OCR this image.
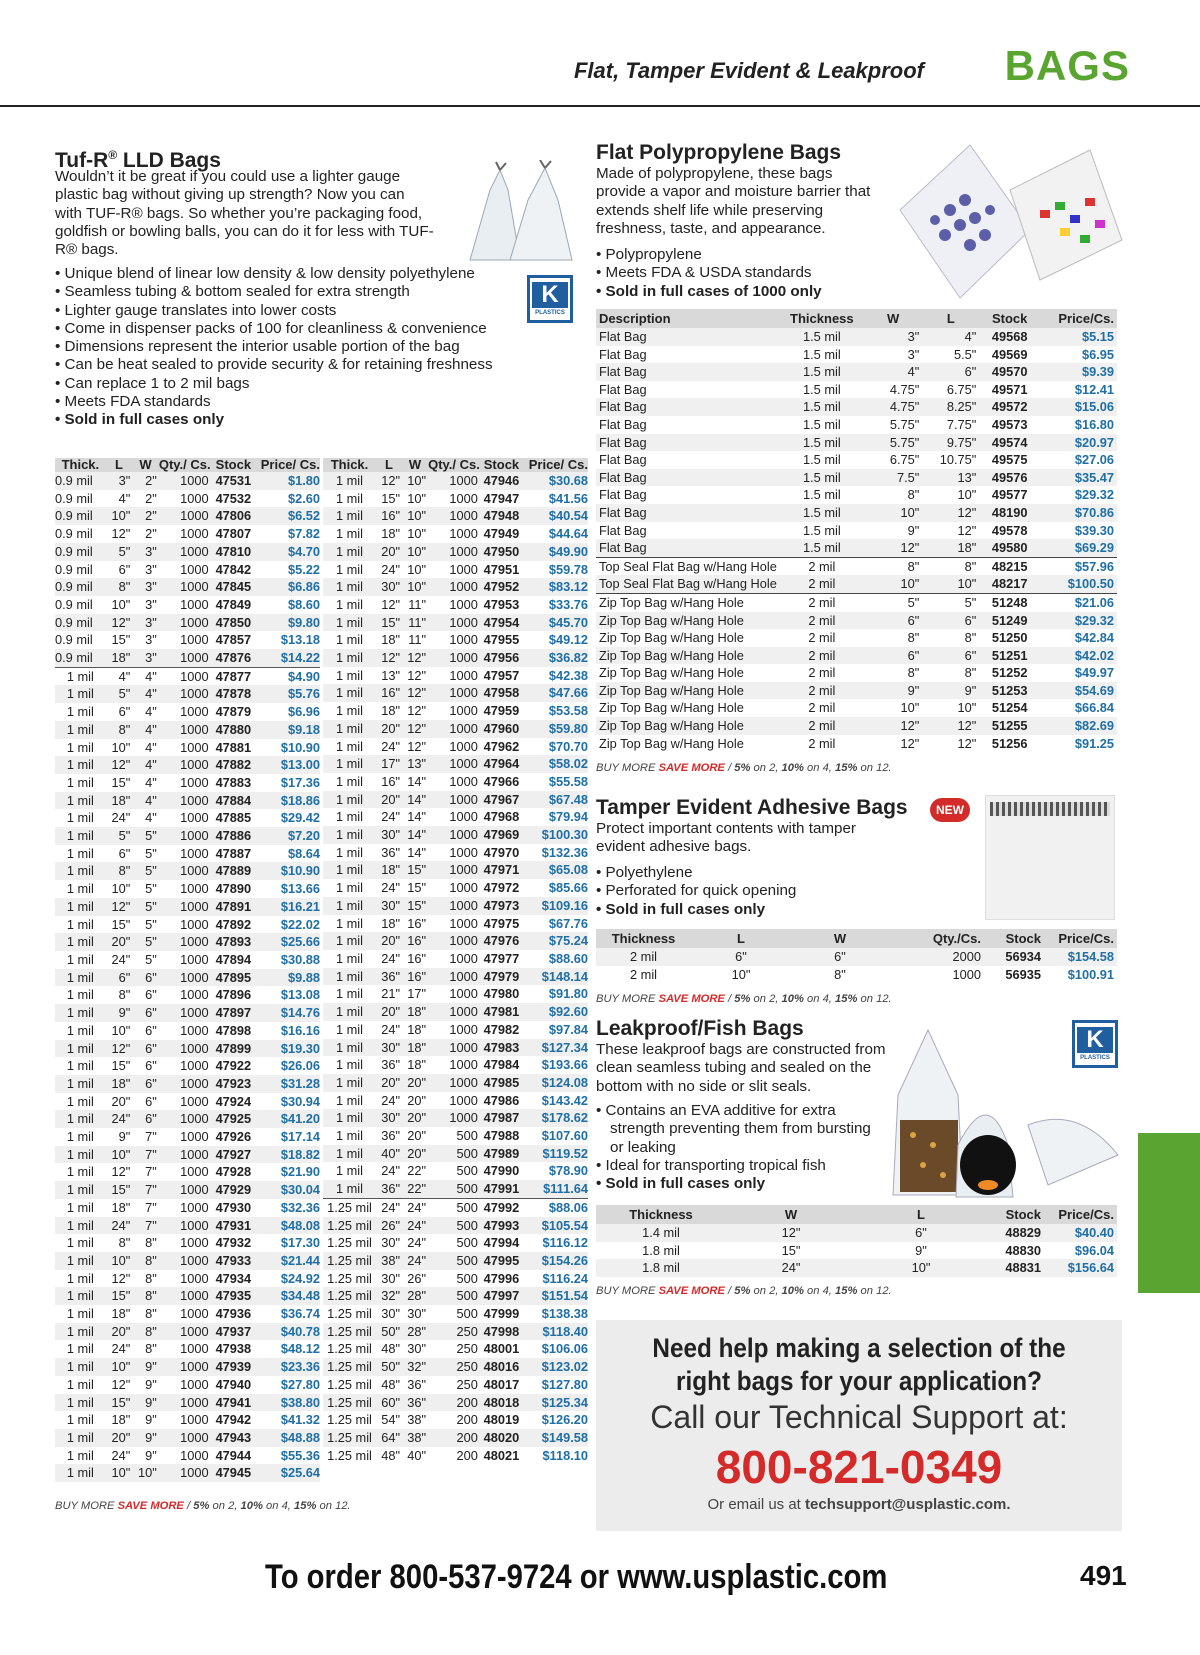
Flat, Tamper Evident & Leakproof BAGS
Tuf-R® LLD Bags
Wouldn’t it be great if you could use a lighter gauge plastic bag without giving up strength? Now you can with TUF-R® bags. So whether you’re packaging food, goldfish or bowling balls, you can do it for less with TUF-R® bags.
• Unique blend of linear low density & low density polyethylene
• Seamless tubing & bottom sealed for extra strength
• Lighter gauge translates into lower costs
• Come in dispenser packs of 100 for cleanliness & convenience
• Dimensions represent the interior usable portion of the bag
• Can be heat sealed to provide security & for retaining freshness
• Can replace 1 to 2 mil bags
• Meets FDA standards
• Sold in full cases only
K
PLASTICS
Thick.	L	W	Qty./ Cs.	Stock	Price/ Cs.
0.9 mil	3"	2"	1000	47531	$1.80
0.9 mil	4"	2"	1000	47532	$2.60
0.9 mil	10"	2"	1000	47806	$6.52
0.9 mil	12"	2"	1000	47807	$7.82
0.9 mil	5"	3"	1000	47810	$4.70
0.9 mil	6"	3"	1000	47842	$5.22
0.9 mil	8"	3"	1000	47845	$6.86
0.9 mil	10"	3"	1000	47849	$8.60
0.9 mil	12"	3"	1000	47850	$9.80
0.9 mil	15"	3"	1000	47857	$13.18
0.9 mil	18"	3"	1000	47876	$14.22
1 mil	4"	4"	1000	47877	$4.90
1 mil	5"	4"	1000	47878	$5.76
1 mil	6"	4"	1000	47879	$6.96
1 mil	8"	4"	1000	47880	$9.18
1 mil	10"	4"	1000	47881	$10.90
1 mil	12"	4"	1000	47882	$13.00
1 mil	15"	4"	1000	47883	$17.36
1 mil	18"	4"	1000	47884	$18.86
1 mil	24"	4"	1000	47885	$29.42
1 mil	5"	5"	1000	47886	$7.20
1 mil	6"	5"	1000	47887	$8.64
1 mil	8"	5"	1000	47889	$10.90
1 mil	10"	5"	1000	47890	$13.66
1 mil	12"	5"	1000	47891	$16.21
1 mil	15"	5"	1000	47892	$22.02
1 mil	20"	5"	1000	47893	$25.66
1 mil	24"	5"	1000	47894	$30.88
1 mil	6"	6"	1000	47895	$9.88
1 mil	8"	6"	1000	47896	$13.08
1 mil	9"	6"	1000	47897	$14.76
1 mil	10"	6"	1000	47898	$16.16
1 mil	12"	6"	1000	47899	$19.30
1 mil	15"	6"	1000	47922	$26.06
1 mil	18"	6"	1000	47923	$31.28
1 mil	20"	6"	1000	47924	$30.94
1 mil	24"	6"	1000	47925	$41.20
1 mil	9"	7"	1000	47926	$17.14
1 mil	10"	7"	1000	47927	$18.82
1 mil	12"	7"	1000	47928	$21.90
1 mil	15"	7"	1000	47929	$30.04
1 mil	18"	7"	1000	47930	$32.36
1 mil	24"	7"	1000	47931	$48.08
1 mil	8"	8"	1000	47932	$17.30
1 mil	10"	8"	1000	47933	$21.44
1 mil	12"	8"	1000	47934	$24.92
1 mil	15"	8"	1000	47935	$34.48
1 mil	18"	8"	1000	47936	$36.74
1 mil	20"	8"	1000	47937	$40.78
1 mil	24"	8"	1000	47938	$48.12
1 mil	10"	9"	1000	47939	$23.36
1 mil	12"	9"	1000	47940	$27.80
1 mil	15"	9"	1000	47941	$38.80
1 mil	18"	9"	1000	47942	$41.32
1 mil	20"	9"	1000	47943	$48.88
1 mil	24"	9"	1000	47944	$55.36
1 mil	10"	10"	1000	47945	$25.64
Thick.	L	W	Qty./ Cs.	Stock	Price/ Cs.
1 mil	12"	10"	1000	47946	$30.68
1 mil	15"	10"	1000	47947	$41.56
1 mil	16"	10"	1000	47948	$40.54
1 mil	18"	10"	1000	47949	$44.64
1 mil	20"	10"	1000	47950	$49.90
1 mil	24"	10"	1000	47951	$59.78
1 mil	30"	10"	1000	47952	$83.12
1 mil	12"	11"	1000	47953	$33.76
1 mil	15"	11"	1000	47954	$45.70
1 mil	18"	11"	1000	47955	$49.12
1 mil	12"	12"	1000	47956	$36.82
1 mil	13"	12"	1000	47957	$42.38
1 mil	16"	12"	1000	47958	$47.66
1 mil	18"	12"	1000	47959	$53.58
1 mil	20"	12"	1000	47960	$59.80
1 mil	24"	12"	1000	47962	$70.70
1 mil	17"	13"	1000	47964	$58.02
1 mil	16"	14"	1000	47966	$55.58
1 mil	20"	14"	1000	47967	$67.48
1 mil	24"	14"	1000	47968	$79.94
1 mil	30"	14"	1000	47969	$100.30
1 mil	36"	14"	1000	47970	$132.36
1 mil	18"	15"	1000	47971	$65.08
1 mil	24"	15"	1000	47972	$85.66
1 mil	30"	15"	1000	47973	$109.16
1 mil	18"	16"	1000	47975	$67.76
1 mil	20"	16"	1000	47976	$75.24
1 mil	24"	16"	1000	47977	$88.60
1 mil	36"	16"	1000	47979	$148.14
1 mil	21"	17"	1000	47980	$91.80
1 mil	20"	18"	1000	47981	$92.60
1 mil	24"	18"	1000	47982	$97.84
1 mil	30"	18"	1000	47983	$127.34
1 mil	36"	18"	1000	47984	$193.66
1 mil	20"	20"	1000	47985	$124.08
1 mil	24"	20"	1000	47986	$143.42
1 mil	30"	20"	1000	47987	$178.62
1 mil	36"	20"	500	47988	$107.60
1 mil	40"	20"	500	47989	$119.52
1 mil	24"	22"	500	47990	$78.90
1 mil	36"	22"	500	47991	$111.64
1.25 mil	24"	24"	500	47992	$88.06
1.25 mil	26"	24"	500	47993	$105.54
1.25 mil	30"	24"	500	47994	$116.12
1.25 mil	38"	24"	500	47995	$154.26
1.25 mil	30"	26"	500	47996	$116.24
1.25 mil	32"	28"	500	47997	$151.54
1.25 mil	30"	30"	500	47999	$138.38
1.25 mil	50"	28"	250	47998	$118.40
1.25 mil	48"	30"	250	48001	$106.06
1.25 mil	50"	32"	250	48016	$123.02
1.25 mil	48"	36"	250	48017	$127.80
1.25 mil	60"	36"	200	48018	$125.34
1.25 mil	54"	38"	200	48019	$126.20
1.25 mil	64"	38"	200	48020	$149.58
1.25 mil	48"	40"	200	48021	$118.10
BUY MORE SAVE MORE / 5% on 2, 10% on 4, 15% on 12.
Flat Polypropylene Bags
Made of polypropylene, these bags provide a vapor and moisture barrier that extends shelf life while preserving freshness, taste, and appearance.
• Polypropylene
• Meets FDA & USDA standards
• Sold in full cases of 1000 only
Description	Thickness	W	L	Stock	Price/Cs.
Flat Bag	1.5 mil	3"	4"	49568	$5.15
Flat Bag	1.5 mil	3"	5.5"	49569	$6.95
Flat Bag	1.5 mil	4"	6"	49570	$9.39
Flat Bag	1.5 mil	4.75"	6.75"	49571	$12.41
Flat Bag	1.5 mil	4.75"	8.25"	49572	$15.06
Flat Bag	1.5 mil	5.75"	7.75"	49573	$16.80
Flat Bag	1.5 mil	5.75"	9.75"	49574	$20.97
Flat Bag	1.5 mil	6.75"	10.75"	49575	$27.06
Flat Bag	1.5 mil	7.5"	13"	49576	$35.47
Flat Bag	1.5 mil	8"	10"	49577	$29.32
Flat Bag	1.5 mil	10"	12"	48190	$70.86
Flat Bag	1.5 mil	9"	12"	49578	$39.30
Flat Bag	1.5 mil	12"	18"	49580	$69.29
Top Seal Flat Bag w/Hang Hole	2 mil	8"	8"	48215	$57.96
Top Seal Flat Bag w/Hang Hole	2 mil	10"	10"	48217	$100.50
Zip Top Bag w/Hang Hole	2 mil	5"	5"	51248	$21.06
Zip Top Bag w/Hang Hole	2 mil	6"	6"	51249	$29.32
Zip Top Bag w/Hang Hole	2 mil	8"	8"	51250	$42.84
Zip Top Bag w/Hang Hole	2 mil	6"	6"	51251	$42.02
Zip Top Bag w/Hang Hole	2 mil	8"	8"	51252	$49.97
Zip Top Bag w/Hang Hole	2 mil	9"	9"	51253	$54.69
Zip Top Bag w/Hang Hole	2 mil	10"	10"	51254	$66.84
Zip Top Bag w/Hang Hole	2 mil	12"	12"	51255	$82.69
Zip Top Bag w/Hang Hole	2 mil	12"	12"	51256	$91.25
BUY MORE SAVE MORE / 5% on 2, 10% on 4, 15% on 12.
Tamper Evident Adhesive Bags	NEW
Protect important contents with tamper evident adhesive bags.
• Polyethylene
• Perforated for quick opening
• Sold in full cases only
Thickness	L	W	Qty./Cs.	Stock	Price/Cs.
2 mil	6"	6"	2000	56934	$154.58
2 mil	10"	8"	1000	56935	$100.91
BUY MORE SAVE MORE / 5% on 2, 10% on 4, 15% on 12.
Leakproof/Fish Bags
These leakproof bags are constructed from clean seamless tubing and sealed on the bottom with no side or slit seals.
• Contains an EVA additive for extra strength preventing them from bursting or leaking
• Ideal for transporting tropical fish
• Sold in full cases only
K
PLASTICS
Thickness	W	L	Stock	Price/Cs.
1.4 mil	12"	6"	48829	$40.40
1.8 mil	15"	9"	48830	$96.04
1.8 mil	24"	10"	48831	$156.64
BUY MORE SAVE MORE / 5% on 2, 10% on 4, 15% on 12.
Need help making a selection of the
right bags for your application?
Call our Technical Support at:
800-821-0349
Or email us at techsupport@usplastic.com.
To order 800-537-9724 or www.usplastic.com	491
